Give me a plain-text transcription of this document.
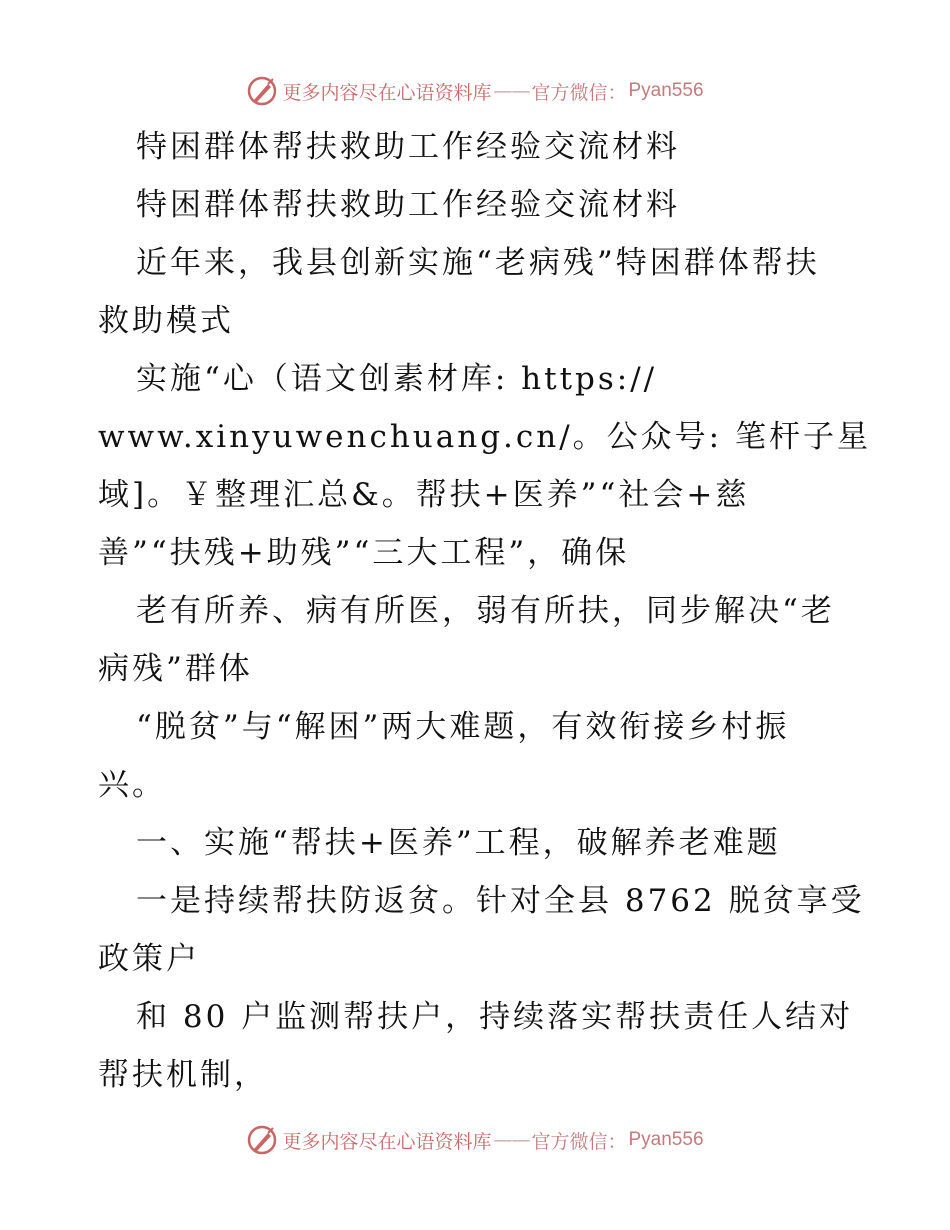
更多内容尽在心语资料库 —— 官方微信： Pyan556
特困群体帮扶救助工作经验交流材料
特困群体帮扶救助工作经验交流材料
近年来，我县创新实施“老病残”特困群体帮扶
救助模式
实施“心（语文创素材库: https://
www.xinyuwenchuang.cn/。公众号: 笔杆子星
域]。￥整理汇总&。帮扶+医养”“社会+慈
善”“扶残+助残”“三大工程”，确保
老有所养、病有所医，弱有所扶，同步解决“老
病残”群体
“脱贫”与“解困”两大难题，有效衔接乡村振
兴。
一、实施“帮扶+医养”工程，破解养老难题
一是持续帮扶防返贫。针对全县 8762 脱贫享受
政策户
和 80 户监测帮扶户，持续落实帮扶责任人结对
帮扶机制，
更多内容尽在心语资料库 —— 官方微信： Pyan556
